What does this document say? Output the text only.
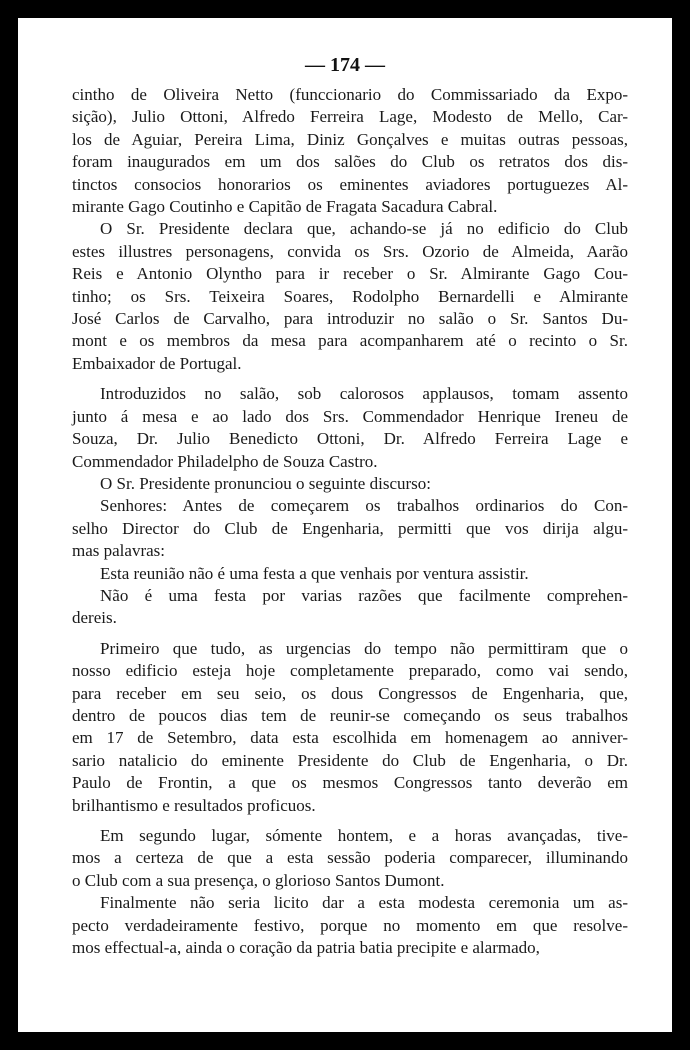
— 174 —
cintho de Oliveira Netto (funccionario do Commissariado da Expo-
sição), Julio Ottoni, Alfredo Ferreira Lage, Modesto de Mello, Car-
los de Aguiar, Pereira Lima, Diniz Gonçalves e muitas outras pessoas,
foram inaugurados em um dos salões do Club os retratos dos dis-
tinctos consocios honorarios os eminentes aviadores portuguezes Al-
mirante Gago Coutinho e Capitão de Fragata Sacadura Cabral.
O Sr. Presidente declara que, achando-se já no edificio do Club
estes illustres personagens, convida os Srs. Ozorio de Almeida, Aarão
Reis e Antonio Olyntho para ir receber o Sr. Almirante Gago Cou-
tinho; os Srs. Teixeira Soares, Rodolpho Bernardelli e Almirante
José Carlos de Carvalho, para introduzir no salão o Sr. Santos Du-
mont e os membros da mesa para acompanharem até o recinto o Sr.
Embaixador de Portugal.
Introduzidos no salão, sob calorosos applausos, tomam assento
junto á mesa e ao lado dos Srs. Commendador Henrique Ireneu de
Souza, Dr. Julio Benedicto Ottoni, Dr. Alfredo Ferreira Lage e
Commendador Philadelpho de Souza Castro.
O Sr. Presidente pronunciou o seguinte discurso:
Senhores: Antes de começarem os trabalhos ordinarios do Con-
selho Director do Club de Engenharia, permitti que vos dirija algu-
mas palavras:
Esta reunião não é uma festa a que venhais por ventura assistir.
Não é uma festa por varias razões que facilmente comprehen-
dereis.
Primeiro que tudo, as urgencias do tempo não permittiram que o
nosso edificio esteja hoje completamente preparado, como vai sendo,
para receber em seu seio, os dous Congressos de Engenharia, que,
dentro de poucos dias tem de reunir-se começando os seus trabalhos
em 17 de Setembro, data esta escolhida em homenagem ao anniver-
sario natalicio do eminente Presidente do Club de Engenharia, o Dr.
Paulo de Frontin, a que os mesmos Congressos tanto deverão em
brilhantismo e resultados proficuos.
Em segundo lugar, sómente hontem, e a horas avançadas, tive-
mos a certeza de que a esta sessão poderia comparecer, illuminando
o Club com a sua presença, o glorioso Santos Dumont.
Finalmente não seria licito dar a esta modesta ceremonia um as-
pecto verdadeiramente festivo, porque no momento em que resolve-
mos effectual-a, ainda o coração da patria batia precipite e alarmado,
